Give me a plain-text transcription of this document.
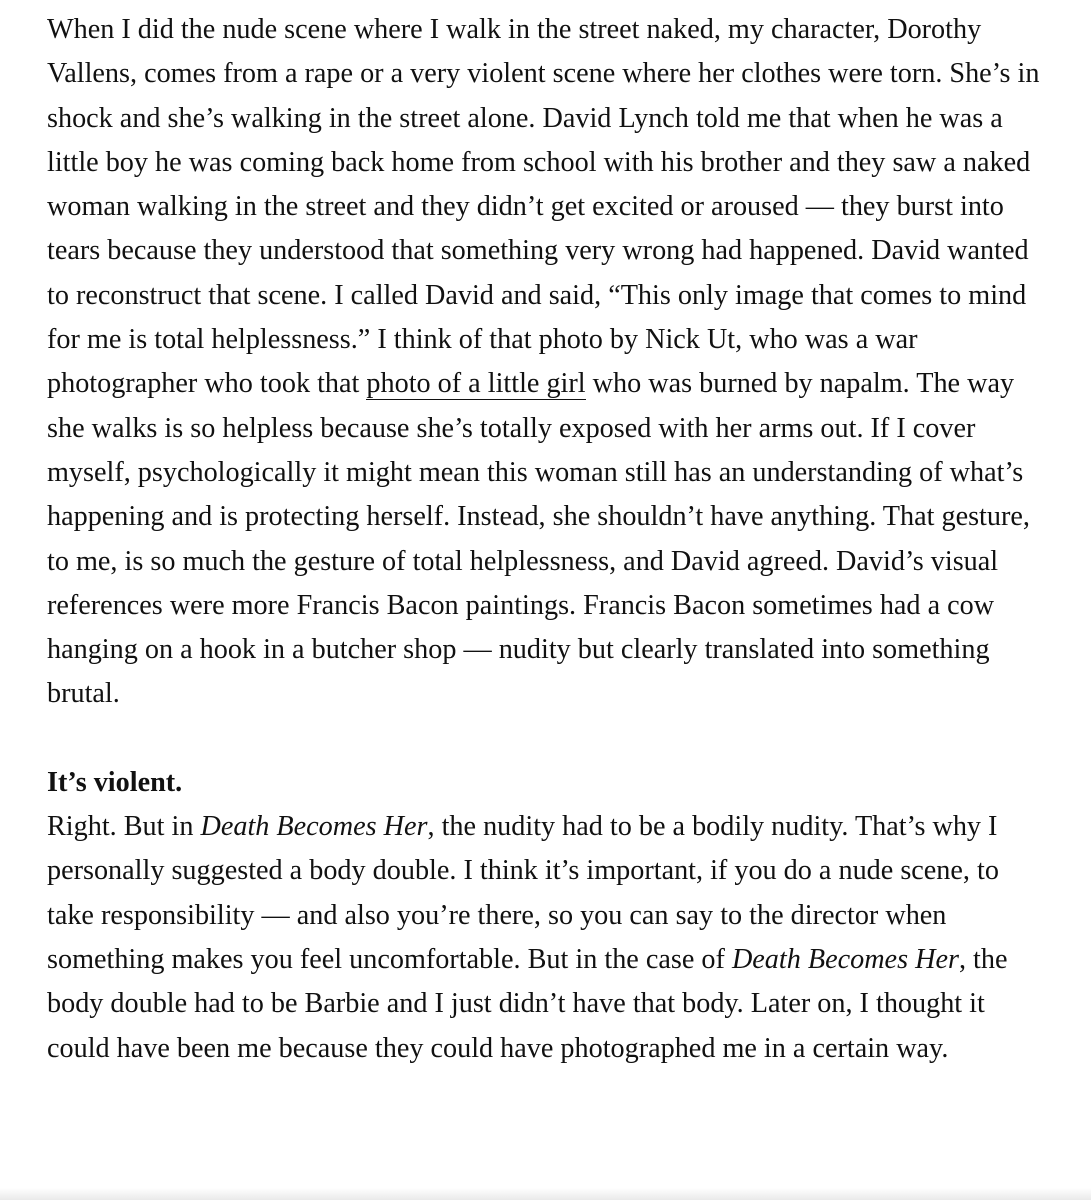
When I did the nude scene where I walk in the street naked, my character, Dorothy Vallens, comes from a rape or a very violent scene where her clothes were torn. She’s in shock and she’s walking in the street alone. David Lynch told me that when he was a little boy he was coming back home from school with his brother and they saw a naked woman walking in the street and they didn’t get excited or aroused — they burst into tears because they understood that something very wrong had happened. David wanted to reconstruct that scene. I called David and said, “This only image that comes to mind for me is total helplessness.” I think of that photo by Nick Ut, who was a war photographer who took that photo of a little girl who was burned by napalm. The way she walks is so helpless because she’s totally exposed with her arms out. If I cover myself, psychologically it might mean this woman still has an understanding of what’s happening and is protecting herself. Instead, she shouldn’t have anything. That gesture, to me, is so much the gesture of total helplessness, and David agreed. David’s visual references were more Francis Bacon paintings. Francis Bacon sometimes had a cow hanging on a hook in a butcher shop — nudity but clearly translated into something brutal.

It’s violent.

Right. But in Death Becomes Her, the nudity had to be a bodily nudity. That’s why I personally suggested a body double. I think it’s important, if you do a nude scene, to take responsibility — and also you’re there, so you can say to the director when something makes you feel uncomfortable. But in the case of Death Becomes Her, the body double had to be Barbie and I just didn’t have that body. Later on, I thought it could have been me because they could have photographed me in a certain way.
